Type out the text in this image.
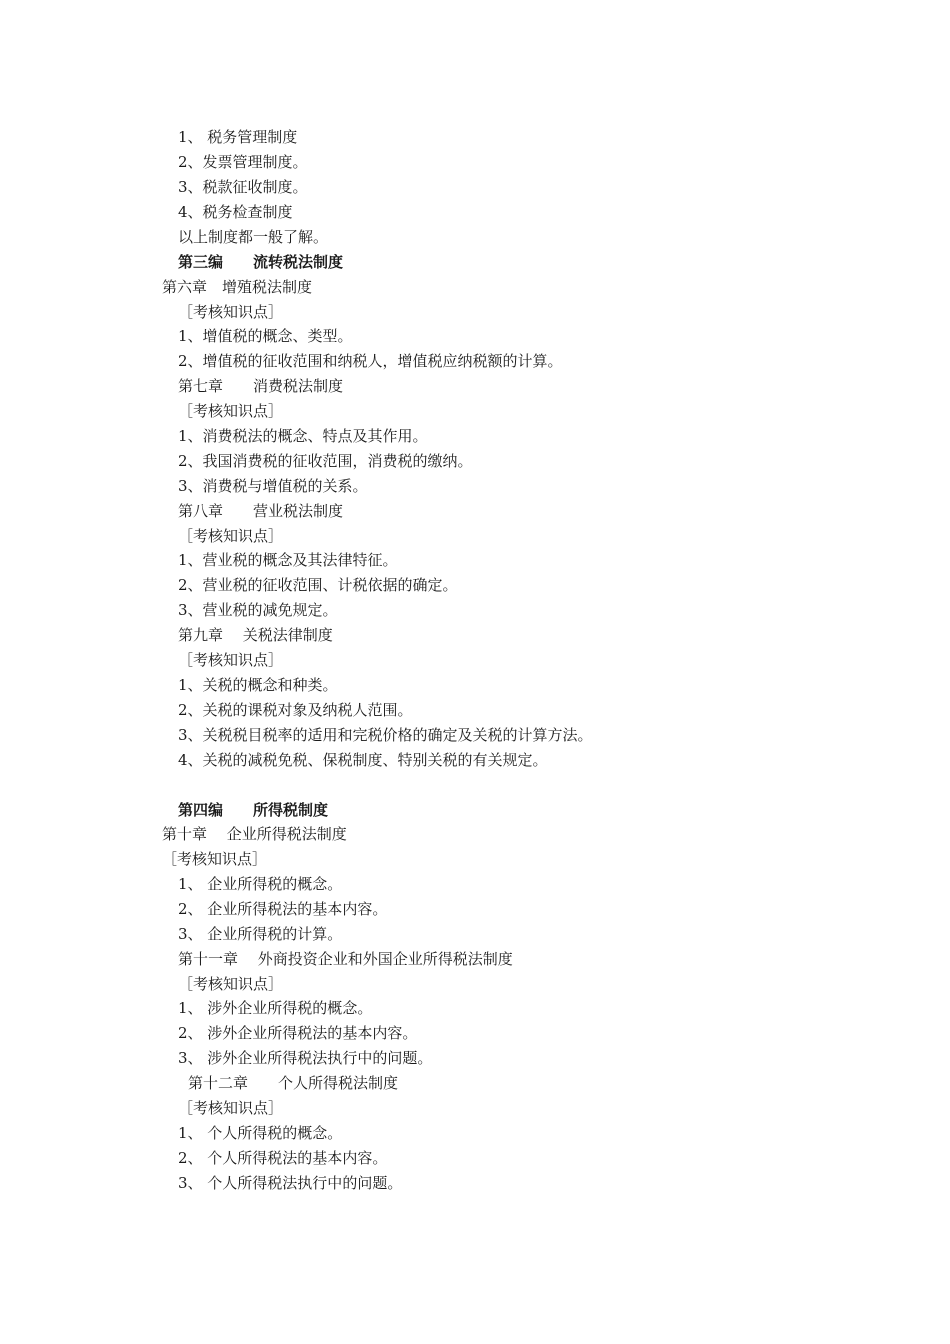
1、 税务管理制度
2、发票管理制度。
3、税款征收制度。
4、税务检查制度
以上制度都一般了解。
第三编　　流转税法制度
第六章　增殖税法制度
［考核知识点］
1、增值税的概念、类型。
2、增值税的征收范围和纳税人，增值税应纳税额的计算。
第七章　　消费税法制度
［考核知识点］
1、消费税法的概念、特点及其作用。
2、我国消费税的征收范围，消费税的缴纳。
3、消费税与增值税的关系。
第八章　　营业税法制度
［考核知识点］
1、营业税的概念及其法律特征。
2、营业税的征收范围、计税依据的确定。
3、营业税的减免规定。
第九章　 关税法律制度
［考核知识点］
1、关税的概念和种类。
2、关税的课税对象及纳税人范围。
3、关税税目税率的适用和完税价格的确定及关税的计算方法。
4、关税的减税免税、保税制度、特别关税的有关规定。
第四编　　所得税制度
第十章　 企业所得税法制度
［考核知识点］
1、 企业所得税的概念。
2、 企业所得税法的基本内容。
3、 企业所得税的计算。
第十一章　 外商投资企业和外国企业所得税法制度
［考核知识点］
1、 涉外企业所得税的概念。
2、 涉外企业所得税法的基本内容。
3、 涉外企业所得税法执行中的问题。
第十二章　　个人所得税法制度
［考核知识点］
1、 个人所得税的概念。
2、 个人所得税法的基本内容。
3、 个人所得税法执行中的问题。
